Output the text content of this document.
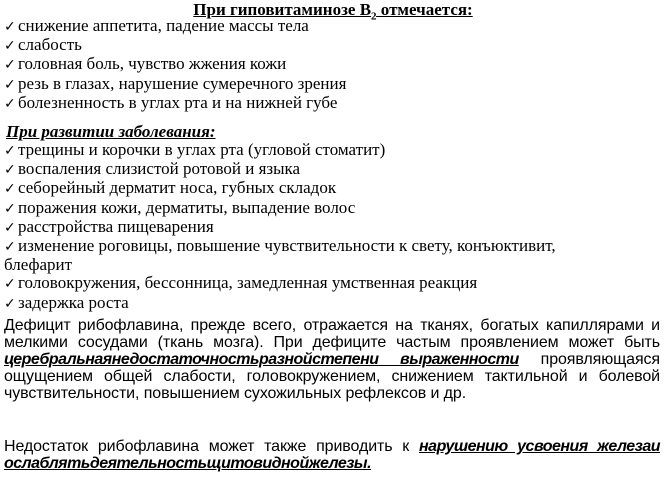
При гиповитаминозе $В_2$ отмечается:
✓ снижение аппетита, падение массы тела
✓ слабость
✓ головная боль, чувство жжения кожи
✓ резь в глазах, нарушение сумеречного зрения
✓ болезненность в углах рта и на нижней губе
При развитии заболевания:
✓ трещины и корочки в углах рта (угловой стоматит)
✓ воспаления слизистой ротовой и языка
✓ себорейный дерматит носа, губных складок
✓ поражения кожи, дерматиты, выпадение волос
✓ расстройства пищеварения
✓ изменение роговицы, повышение чувствительности к свету, конъюктивит,
блефарит
✓ головокружения, бессонница, замедленная умственная реакция
✓ задержка роста

Дефицит рибофлавина, прежде всего, отражается на тканях, богатых капиллярами и мелкими сосудами (ткань мозга). При дефиците частым проявлением может быть церебральнаянедостаточностьразнойстепени выраженности проявляющаяся ощущением общей слабости, головокружением, снижением тактильной и болевой чувствительности, повышением сухожильных рефлексов и др.

Недостаток рибофлавина может также приводить к нарушению усвоения железаи ослаблятьдеятельностьщитовиднойжелезы.
